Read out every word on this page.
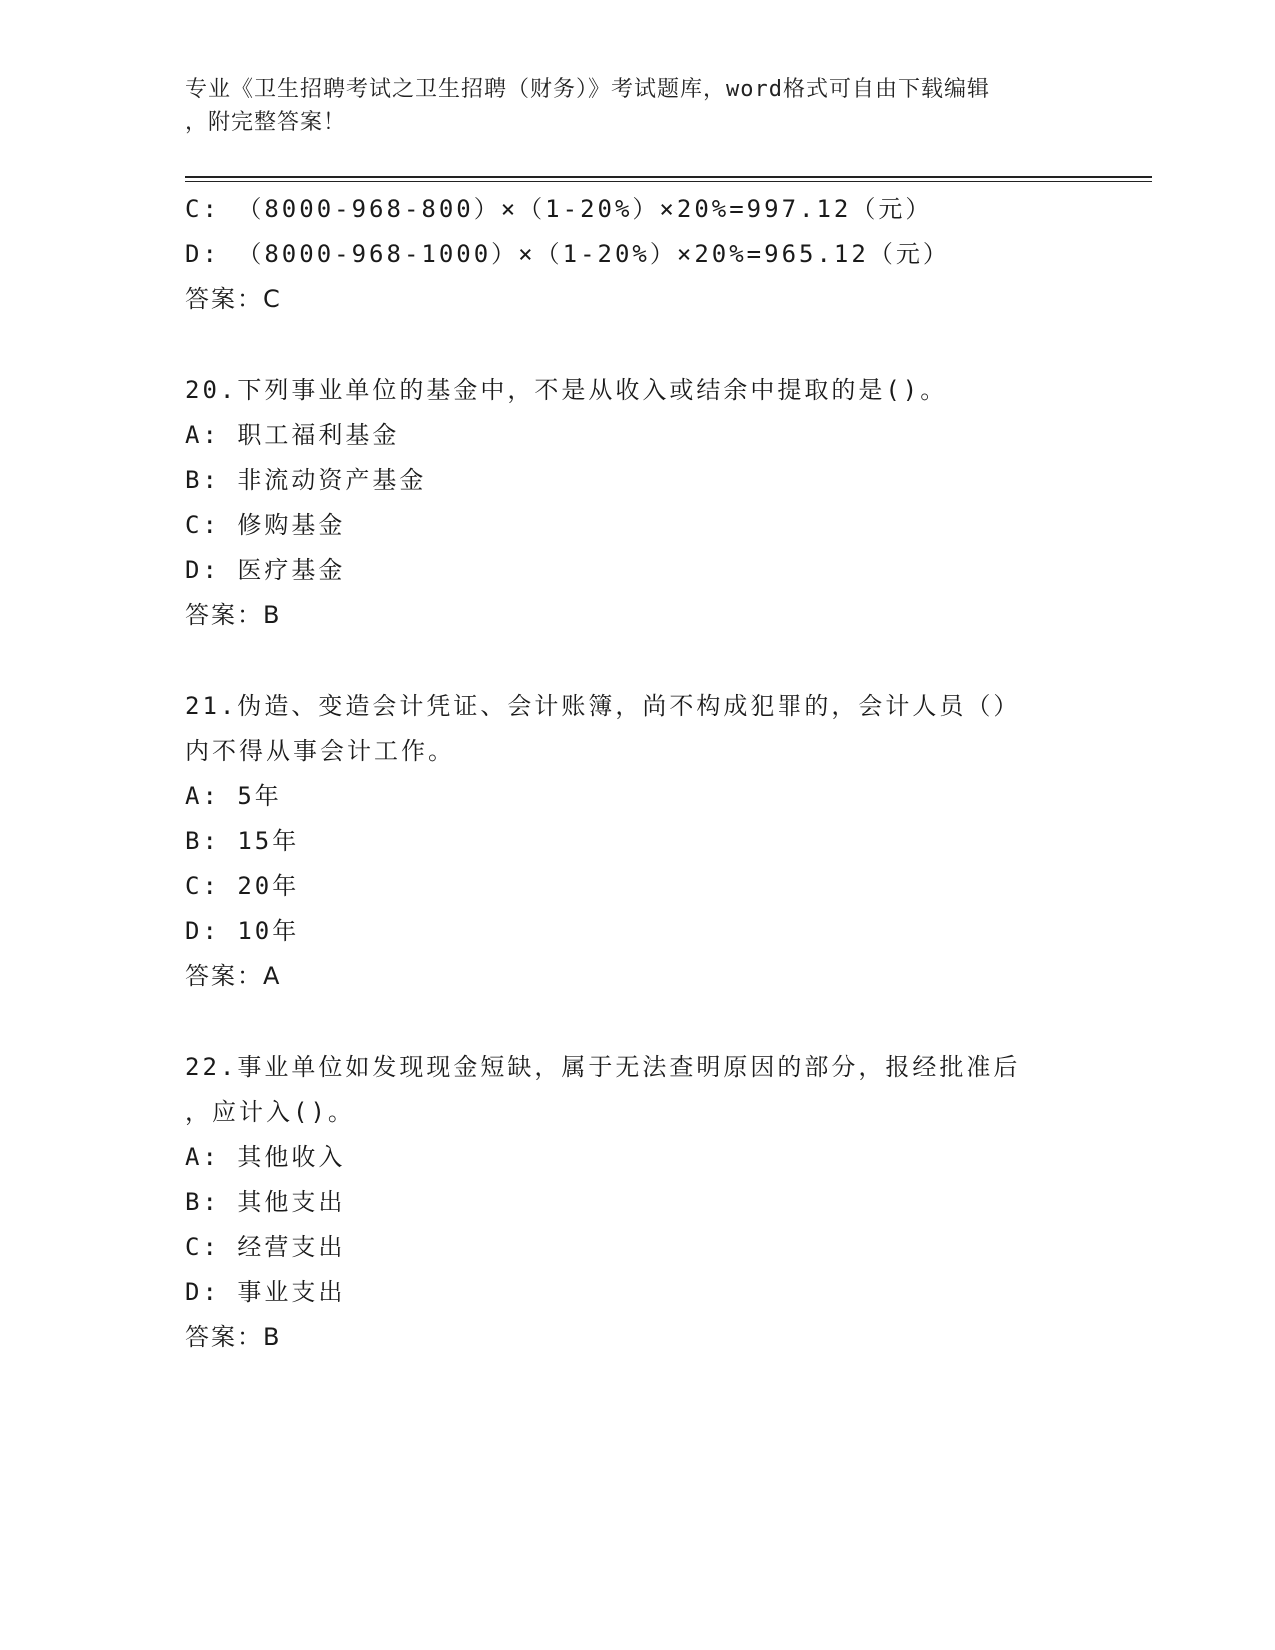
专业《卫生招聘考试之卫生招聘（财务）》考试题库，word格式可自由下载编辑
，附完整答案！
C: （8000-968-800）×（1-20%）×20%=997.12（元）
D: （8000-968-1000）×（1-20%）×20%=965.12（元）
答案：C
20.下列事业单位的基金中，不是从收入或结余中提取的是()。
A: 职工福利基金
B: 非流动资产基金
C: 修购基金
D: 医疗基金
答案：B
21.伪造、变造会计凭证、会计账簿，尚不构成犯罪的，会计人员（）
内不得从事会计工作。
A: 5年
B: 15年
C: 20年
D: 10年
答案：A
22.事业单位如发现现金短缺，属于无法查明原因的部分，报经批准后
，应计入()。
A: 其他收入
B: 其他支出
C: 经营支出
D: 事业支出
答案：B
